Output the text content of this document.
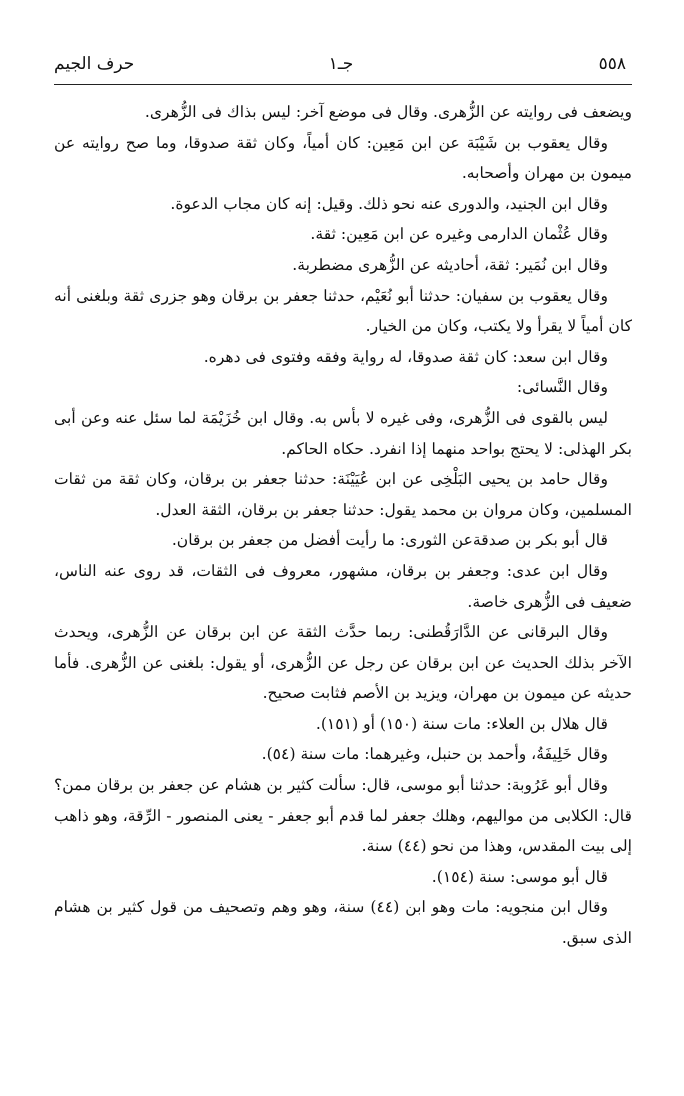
٥٥٨
جـ١
حرف الجيم

ويضعف فى روايته عن الزُّهرى. وقال فى موضع آخر: ليس بذاك فى الزُّهرى.

وقال يعقوب بن شَيْبَة عن ابن مَعِين: كان أمياً، وكان ثقة صدوقا، وما صح روايته عن ميمون بن مهران وأصحابه.

وقال ابن الجنيد، والدورى عنه نحو ذلك. وقيل: إنه كان مجاب الدعوة.

وقال عُثْمان الدارمى وغيره عن ابن مَعِين: ثقة.

وقال ابن نُمَير: ثقة، أحاديثه عن الزُّهرى مضطربة.

وقال يعقوب بن سفيان: حدثنا أبو نُعَيْم، حدثنا جعفر بن برقان وهو جزرى ثقة وبلغنى أنه كان أمياً لا يقرأ ولا يكتب، وكان من الخيار.

وقال ابن سعد: كان ثقة صدوقا، له رواية وفقه وفتوى فى دهره.

وقال النَّسائى:

ليس بالقوى فى الزُّهرى، وفى غيره لا بأس به. وقال ابن خُزَيْمَة لما سئل عنه وعن أبى بكر الهذلى: لا يحتج بواحد منهما إذا انفرد. حكاه الحاكم.

وقال حامد بن يحيى البَلْخِى عن ابن عُيَيْنَة: حدثنا جعفر بن برقان، وكان ثقة من ثقات المسلمين، وكان مروان بن محمد يقول: حدثنا جعفر بن برقان، الثقة العدل.

قال أبو بكر بن صدقةعن الثورى: ما رأيت أفضل من جعفر بن برقان.

وقال ابن عدى: وجعفر بن برقان، مشهور، معروف فى الثقات، قد روى عنه الناس، ضعيف فى الزُّهرى خاصة.

وقال البرقانى عن الدَّارَقُطنى: ربما حدَّث الثقة عن ابن برقان عن الزُّهرى، ويحدث الآخر بذلك الحديث عن ابن برقان عن رجل عن الزُّهرى، أو يقول: بلغنى عن الزُّهرى. فأما حديثه عن ميمون بن مهران، ويزيد بن الأصم فثابت صحيح.

قال هلال بن العلاء: مات سنة (١٥٠) أو (١٥١).

وقال خَلِيفَةُ، وأحمد بن حنبل، وغيرهما: مات سنة (٥٤).

وقال أبو عَرُوبة: حدثنا أبو موسى، قال: سألت كثير بن هشام عن جعفر بن برقان ممن؟ قال: الكلابى من مواليهم، وهلك جعفر لما قدم أبو جعفر - يعنى المنصور - الرِّقة، وهو ذاهب إلى بيت المقدس، وهذا من نحو (٤٤) سنة.

قال أبو موسى: سنة (١٥٤).

وقال ابن منجويه: مات وهو ابن (٤٤) سنة، وهو وهم وتصحيف من قول كثير بن هشام الذى سبق.
